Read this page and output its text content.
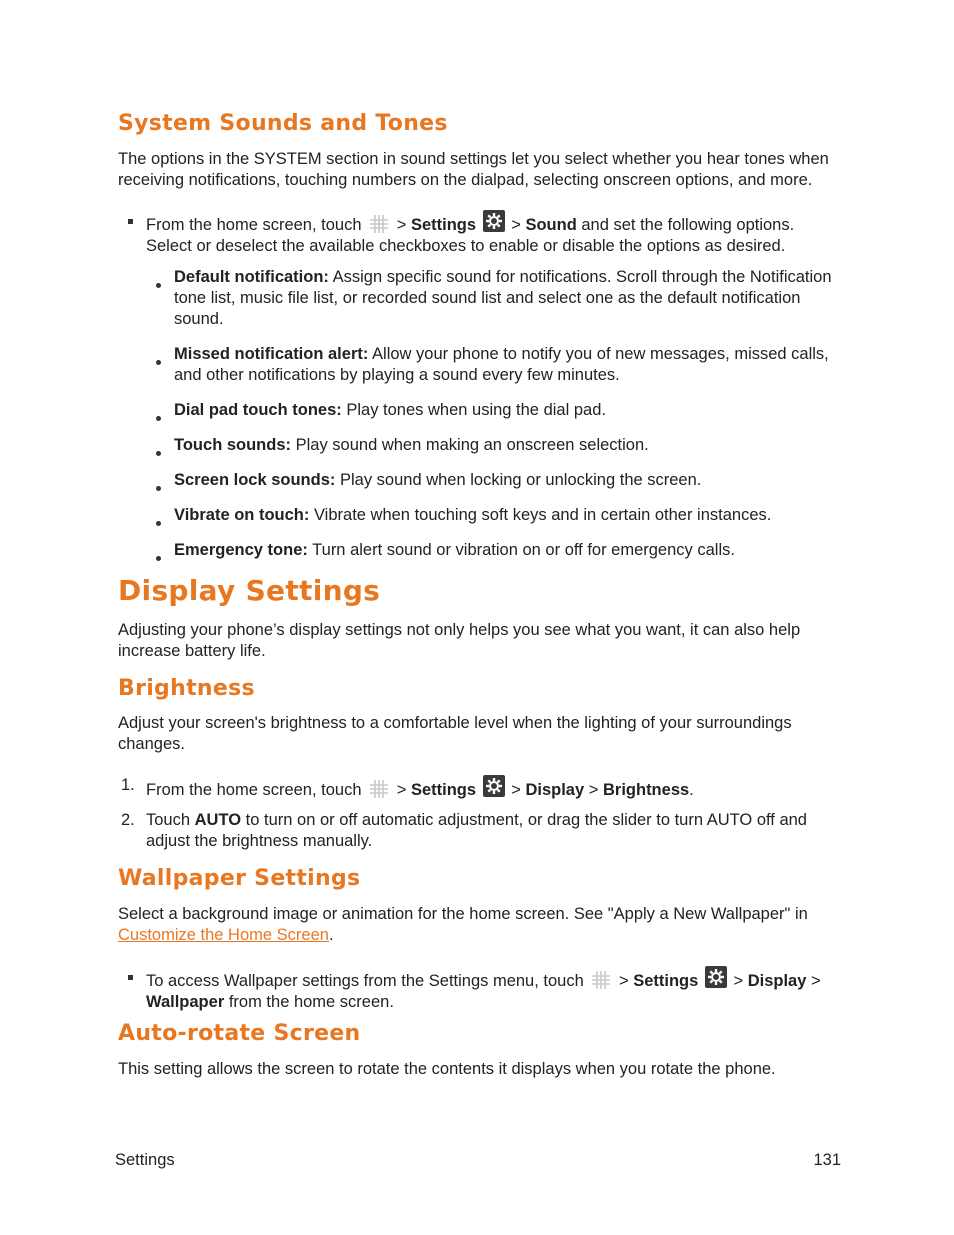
System Sounds and Tones

The options in the SYSTEM section in sound settings let you select whether you hear tones when receiving notifications, touching numbers on the dialpad, selecting onscreen options, and more.

From the home screen, touch > Settings > Sound and set the following options. Select or deselect the available checkboxes to enable or disable the options as desired.

Default notification: Assign specific sound for notifications. Scroll through the Notification tone list, music file list, or recorded sound list and select one as the default notification sound.

Missed notification alert: Allow your phone to notify you of new messages, missed calls, and other notifications by playing a sound every few minutes.

Dial pad touch tones: Play tones when using the dial pad.

Touch sounds: Play sound when making an onscreen selection.

Screen lock sounds: Play sound when locking or unlocking the screen.

Vibrate on touch: Vibrate when touching soft keys and in certain other instances.

Emergency tone: Turn alert sound or vibration on or off for emergency calls.

Display Settings

Adjusting your phone’s display settings not only helps you see what you want, it can also help increase battery life.

Brightness

Adjust your screen's brightness to a comfortable level when the lighting of your surroundings changes.

1. From the home screen, touch > Settings > Display > Brightness.

2. Touch AUTO to turn on or off automatic adjustment, or drag the slider to turn AUTO off and adjust the brightness manually.

Wallpaper Settings

Select a background image or animation for the home screen. See "Apply a New Wallpaper" in Customize the Home Screen.

To access Wallpaper settings from the Settings menu, touch > Settings > Display > Wallpaper from the home screen.

Auto-rotate Screen

This setting allows the screen to rotate the contents it displays when you rotate the phone.

Settings	131
